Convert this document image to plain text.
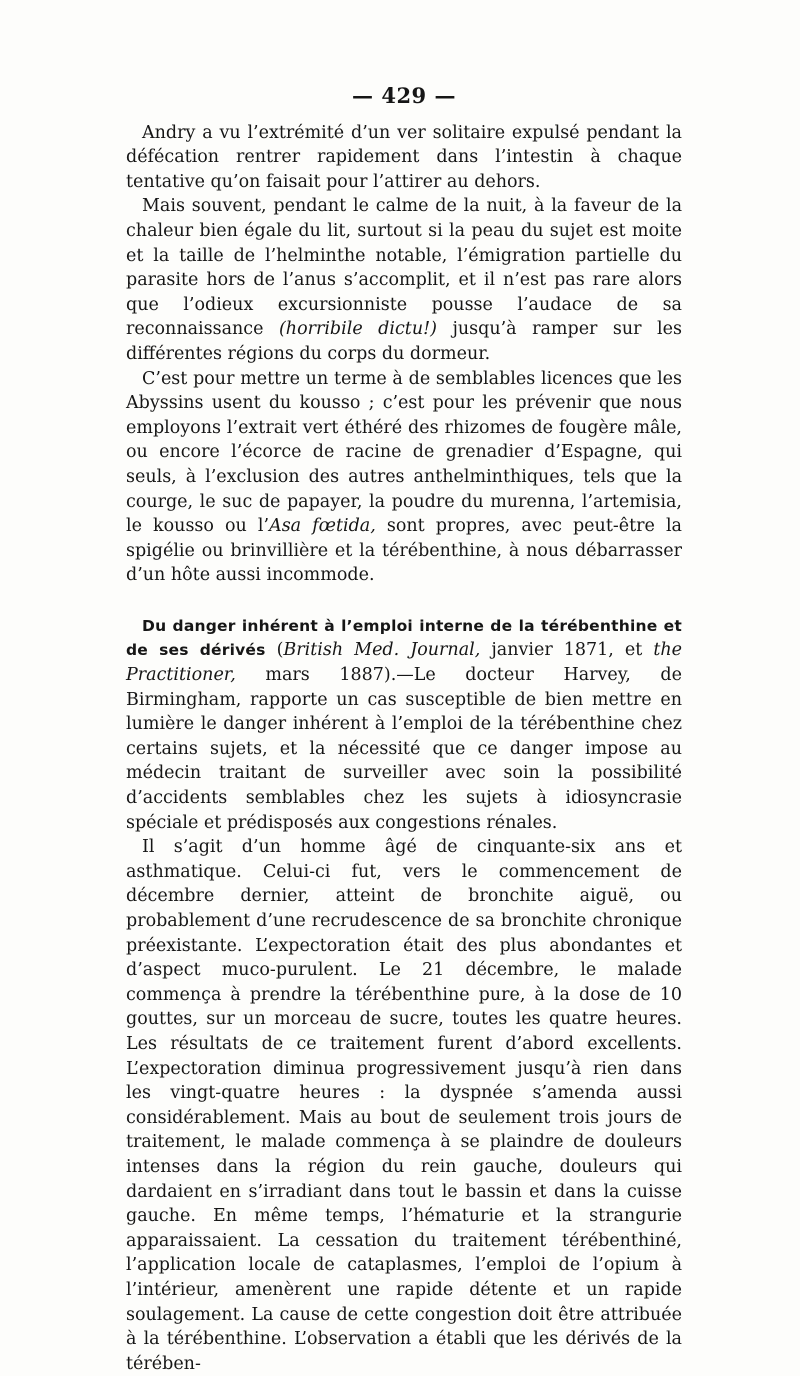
— 429 —

Andry a vu l’extrémité d’un ver solitaire expulsé pendant la défécation rentrer rapidement dans l’intestin à chaque tentative qu’on faisait pour l’attirer au dehors.

Mais souvent, pendant le calme de la nuit, à la faveur de la chaleur bien égale du lit, surtout si la peau du sujet est moite et la taille de l’helminthe notable, l’émigration partielle du parasite hors de l’anus s’accomplit, et il n’est pas rare alors que l’odieux excursionniste pousse l’audace de sa reconnaissance (horribile dictu!) jusqu’à ramper sur les différentes régions du corps du dormeur.

C’est pour mettre un terme à de semblables licences que les Abyssins usent du kousso ; c’est pour les prévenir que nous employons l’extrait vert éthéré des rhizomes de fougère mâle, ou encore l’écorce de racine de grenadier d’Espagne, qui seuls, à l’exclusion des autres anthelminthiques, tels que la courge, le suc de papayer, la poudre du murenna, l’artemisia, le kousso ou l’Asa fœtida, sont propres, avec peut-être la spigélie ou brinvillière et la térébenthine, à nous débarrasser d’un hôte aussi incommode.

Du danger inhérent à l’emploi interne de la térébenthine et de ses dérivés (British Med. Journal, janvier 1871, et the Practitioner, mars 1887).—Le docteur Harvey, de Birmingham, rapporte un cas susceptible de bien mettre en lumière le danger inhérent à l’emploi de la térébenthine chez certains sujets, et la nécessité que ce danger impose au médecin traitant de surveiller avec soin la possibilité d’accidents semblables chez les sujets à idiosyncrasie spéciale et prédisposés aux congestions rénales.

Il s’agit d’un homme âgé de cinquante-six ans et asthmatique. Celui-ci fut, vers le commencement de décembre dernier, atteint de bronchite aiguë, ou probablement d’une recrudescence de sa bronchite chronique préexistante. L’expectoration était des plus abondantes et d’aspect muco-purulent. Le 21 décembre, le malade commença à prendre la térébenthine pure, à la dose de 10 gouttes, sur un morceau de sucre, toutes les quatre heures. Les résultats de ce traitement furent d’abord excellents. L’expectoration diminua progressivement jusqu’à rien dans les vingt-quatre heures : la dyspnée s’amenda aussi considérablement. Mais au bout de seulement trois jours de traitement, le malade commença à se plaindre de douleurs intenses dans la région du rein gauche, douleurs qui dardaient en s’irradiant dans tout le bassin et dans la cuisse gauche. En même temps, l’hématurie et la strangurie apparaissaient. La cessation du traitement térébenthiné, l’application locale de cataplasmes, l’emploi de l’opium à l’intérieur, amenèrent une rapide détente et un rapide soulagement. La cause de cette congestion doit être attribuée à la térébenthine. L’observation a établi que les dérivés de la térében-
